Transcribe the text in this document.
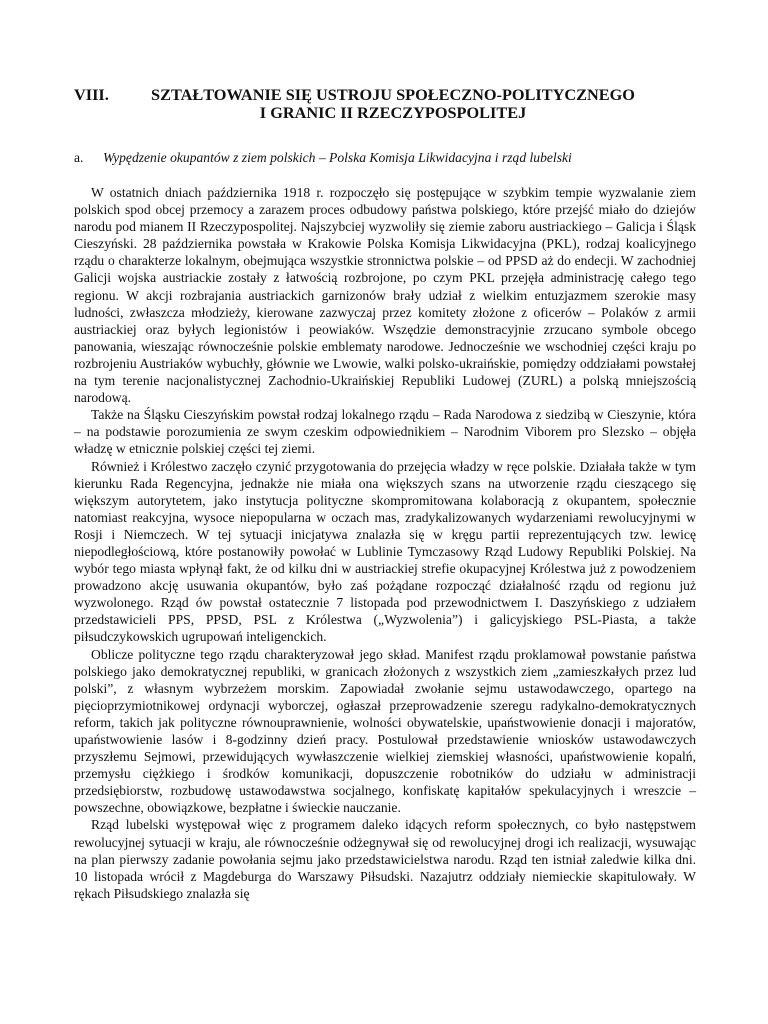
VIII.	SZTAŁTOWANIE SIĘ USTROJU SPOŁECZNO-POLITYCZNEGO
I GRANIC II RZECZYPOSPOLITEJ
a.	Wypędzenie okupantów z ziem polskich – Polska Komisja Likwidacyjna i rząd lubelski

W ostatnich dniach października 1918 r. rozpoczęło się postępujące w szybkim tempie wyzwalanie ziem polskich spod obcej przemocy a zarazem proces odbudowy państwa polskiego, które przejść miało do dziejów narodu pod mianem II Rzeczypospolitej. Najszybciej wyzwoliły się ziemie zaboru austriackiego – Galicja i Śląsk Cieszyński. 28 października powstała w Krakowie Polska Komisja Likwidacyjna (PKL), rodzaj koalicyjnego rządu o charakterze lokalnym, obejmująca wszystkie stronnictwa polskie – od PPSD aż do endecji. W zachodniej Galicji wojska austriackie zostały z łatwością rozbrojone, po czym PKL przejęła administrację całego tego regionu. W akcji rozbrajania austriackich garnizonów brały udział z wielkim entuzjazmem szerokie masy ludności, zwłaszcza młodzieży, kierowane zazwyczaj przez komitety złożone z oficerów – Polaków z armii austriackiej oraz byłych legionistów i peowiaków. Wszędzie demonstracyjnie zrzucano symbole obcego panowania, wieszając równocześnie polskie emblematy narodowe. Jednocześnie we wschodniej części kraju po rozbrojeniu Austriaków wybuchły, głównie we Lwowie, walki polsko-ukraińskie, pomiędzy oddziałami powstałej na tym terenie nacjonalistycznej Zachodnio-Ukraińskiej Republiki Ludowej (ZURL) a polską mniejszością narodową.

Także na Śląsku Cieszyńskim powstał rodzaj lokalnego rządu – Rada Narodowa z siedzibą w Cieszynie, która – na podstawie porozumienia ze swym czeskim odpowiednikiem – Narodnim Viborem pro Slezsko – objęła władzę w etnicznie polskiej części tej ziemi.

Również i Królestwo zaczęło czynić przygotowania do przejęcia władzy w ręce polskie. Działała także w tym kierunku Rada Regencyjna, jednakże nie miała ona większych szans na utworzenie rządu cieszącego się większym autorytetem, jako instytucja polityczne skompromitowana kolaboracją z okupantem, społecznie natomiast reakcyjna, wysoce niepopularna w oczach mas, zradykalizowanych wydarzeniami rewolucyjnymi w Rosji i Niemczech. W tej sytuacji inicjatywa znalazła się w kręgu partii reprezentujących tzw. lewicę niepodległościową, które postanowiły powołać w Lublinie Tymczasowy Rząd Ludowy Republiki Polskiej. Na wybór tego miasta wpłynął fakt, że od kilku dni w austriackiej strefie okupacyjnej Królestwa już z powodzeniem prowadzono akcję usuwania okupantów, było zaś pożądane rozpocząć działalność rządu od regionu już wyzwolonego. Rząd ów powstał ostatecznie 7 listopada pod przewodnictwem I. Daszyńskiego z udziałem przedstawicieli PPS, PPSD, PSL z Królestwa („Wyzwolenia”) i galicyjskiego PSL-Piasta, a także piłsudczykowskich ugrupowań inteligenckich.

Oblicze polityczne tego rządu charakteryzował jego skład. Manifest rządu proklamował powstanie państwa polskiego jako demokratycznej republiki, w granicach złożonych z wszystkich ziem „zamieszkałych przez lud polski”, z własnym wybrzeżem morskim. Zapowiadał zwołanie sejmu ustawodawczego, opartego na pięcioprzymiotnikowej ordynacji wyborczej, ogłaszał przeprowadzenie szeregu radykalno-demokratycznych reform, takich jak polityczne równouprawnienie, wolności obywatelskie, upaństwowienie donacji i majoratów, upaństwowienie lasów i 8-godzinny dzień pracy. Postulował przedstawienie wniosków ustawodawczych przyszłemu Sejmowi, przewidujących wywłaszczenie wielkiej ziemskiej własności, upaństwowienie kopalń, przemysłu ciężkiego i środków komunikacji, dopuszczenie robotników do udziału w administracji przedsiębiorstw, rozbudowę ustawodawstwa socjalnego, konfiskatę kapitałów spekulacyjnych i wreszcie – powszechne, obowiązkowe, bezpłatne i świeckie nauczanie.

Rząd lubelski występował więc z programem daleko idących reform społecznych, co było następstwem rewolucyjnej sytuacji w kraju, ale równocześnie odżegnywał się od rewolucyjnej drogi ich realizacji, wysuwając na plan pierwszy zadanie powołania sejmu jako przedstawicielstwa narodu. Rząd ten istniał zaledwie kilka dni. 10 listopada wrócił z Magdeburga do Warszawy Piłsudski. Nazajutrz oddziały niemieckie skapitulowały. W rękach Piłsudskiego znalazła się
